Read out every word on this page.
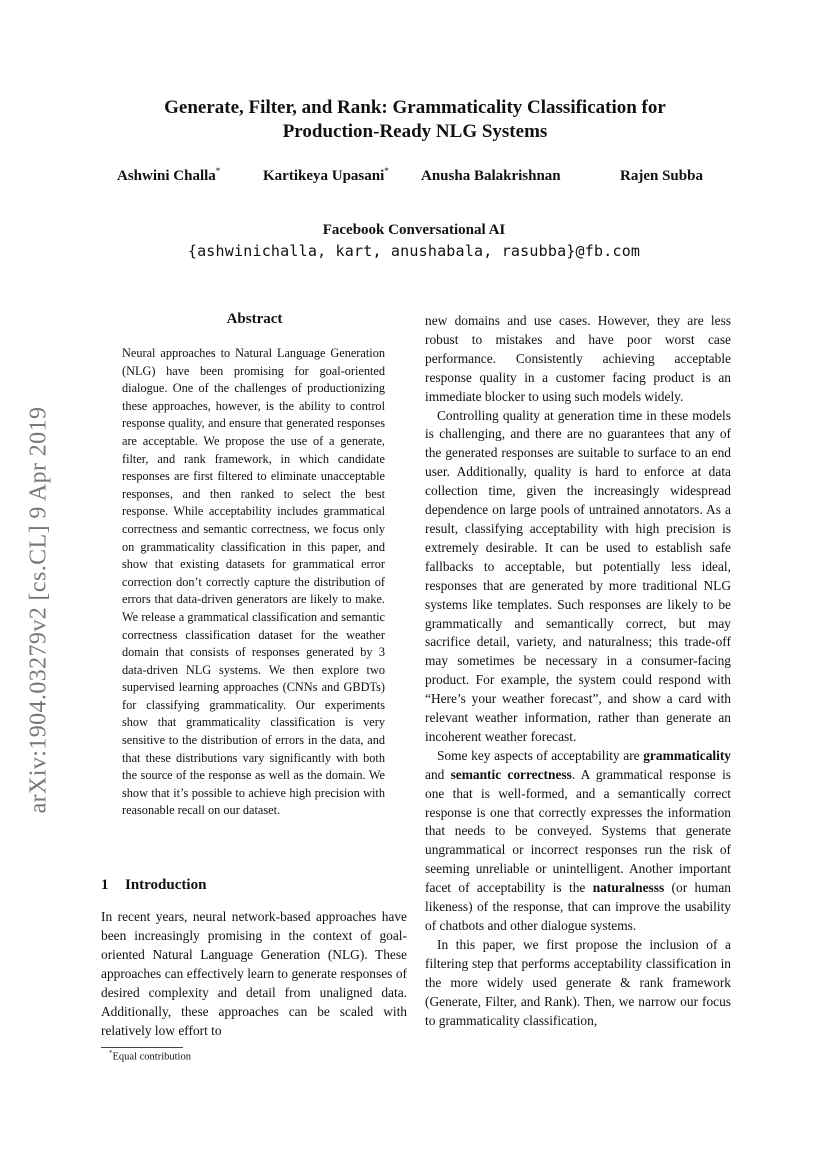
Generate, Filter, and Rank: Grammaticality Classification for
Production-Ready NLG Systems
Ashwini Challa*	Kartikeya Upasani* Anusha Balakrishnan	Rajen Subba
Facebook Conversational AI
{ashwinichalla, kart, anushabala, rasubba}@fb.com
arXiv:1904.03279v2 [cs.CL] 9 Apr 2019
Abstract

Neural approaches to Natural Language Generation (NLG) have been promising for goal-oriented dialogue. One of the challenges of productionizing these approaches, however, is the ability to control response quality, and ensure that generated responses are acceptable. We propose the use of a generate, filter, and rank framework, in which candidate responses are first filtered to eliminate unacceptable responses, and then ranked to select the best response. While acceptability includes grammatical correctness and semantic correctness, we focus only on grammaticality classification in this paper, and show that existing datasets for grammatical error correction don’t correctly capture the distribution of errors that data-driven generators are likely to make. We release a grammatical classification and semantic correctness classification dataset for the weather domain that consists of responses generated by 3 data-driven NLG systems. We then explore two supervised learning approaches (CNNs and GBDTs) for classifying grammaticality. Our experiments show that grammaticality classification is very sensitive to the distribution of errors in the data, and that these distributions vary significantly with both the source of the response as well as the domain. We show that it’s possible to achieve high precision with reasonable recall on our dataset.

1 Introduction

In recent years, neural network-based approaches have been increasingly promising in the context of goal-oriented Natural Language Generation (NLG). These approaches can effectively learn to generate responses of desired complexity and detail from unaligned data. Additionally, these approaches can be scaled with relatively low effort to

*Equal contribution

new domains and use cases. However, they are less robust to mistakes and have poor worst case performance. Consistently achieving acceptable response quality in a customer facing product is an immediate blocker to using such models widely.

Controlling quality at generation time in these models is challenging, and there are no guarantees that any of the generated responses are suitable to surface to an end user. Additionally, quality is hard to enforce at data collection time, given the increasingly widespread dependence on large pools of untrained annotators. As a result, classifying acceptability with high precision is extremely desirable. It can be used to establish safe fallbacks to acceptable, but potentially less ideal, responses that are generated by more traditional NLG systems like templates. Such responses are likely to be grammatically and semantically correct, but may sacrifice detail, variety, and naturalness; this trade-off may sometimes be necessary in a consumer-facing product. For example, the system could respond with “Here’s your weather forecast”, and show a card with relevant weather information, rather than generate an incoherent weather forecast.

Some key aspects of acceptability are grammaticality and semantic correctness. A grammatical response is one that is well-formed, and a semantically correct response is one that correctly expresses the information that needs to be conveyed. Systems that generate ungrammatical or incorrect responses run the risk of seeming unreliable or unintelligent. Another important facet of acceptability is the naturalnesss (or human likeness) of the response, that can improve the usability of chatbots and other dialogue systems.

In this paper, we first propose the inclusion of a filtering step that performs acceptability classification in the more widely used generate & rank framework (Generate, Filter, and Rank). Then, we narrow our focus to grammaticality classification,
